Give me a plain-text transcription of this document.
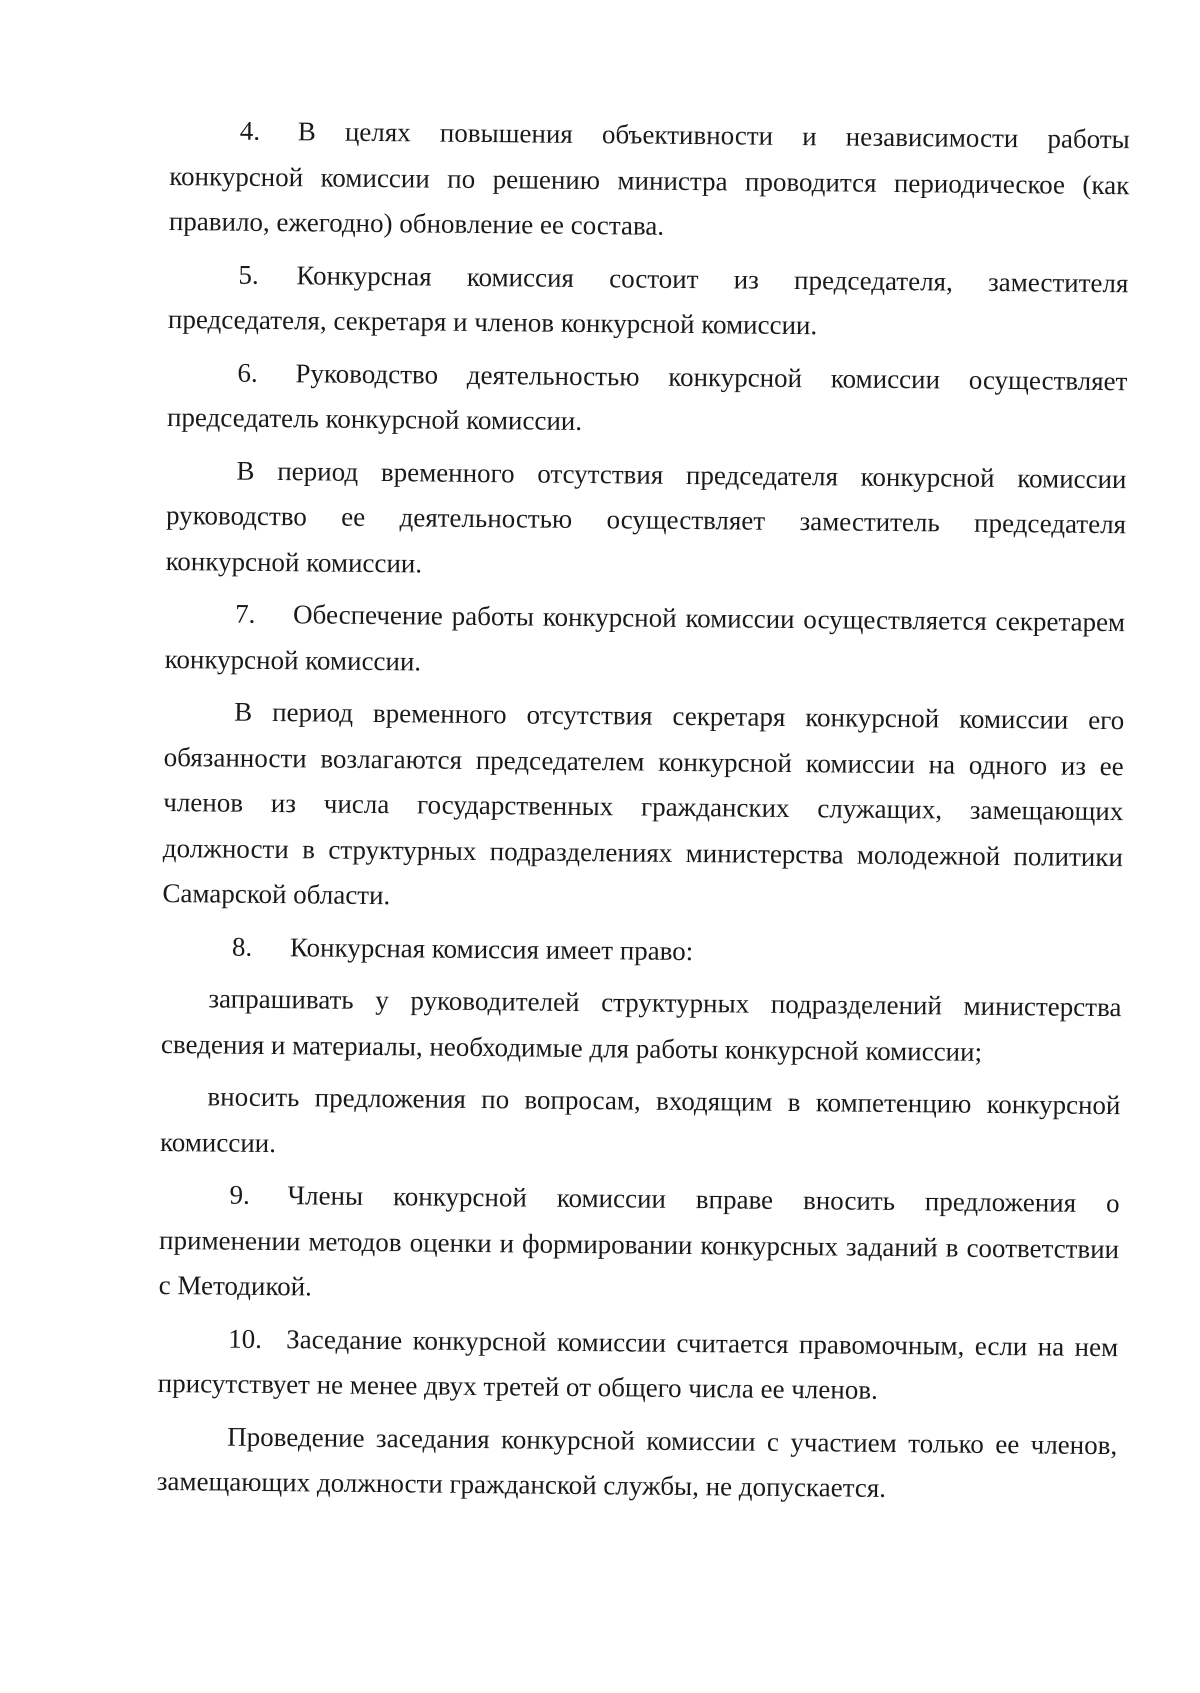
4. В целях повышения объективности и независимости работы конкурсной комиссии по решению министра проводится периодическое (как правило, ежегодно) обновление ее состава.

5. Конкурсная комиссия состоит из председателя, заместителя председателя, секретаря и членов конкурсной комиссии.

6. Руководство деятельностью конкурсной комиссии осуществляет председатель конкурсной комиссии.

В период временного отсутствия председателя конкурсной комиссии руководство ее деятельностью осуществляет заместитель председателя конкурсной комиссии.

7. Обеспечение работы конкурсной комиссии осуществляется секретарем конкурсной комиссии.

В период временного отсутствия секретаря конкурсной комиссии его обязанности возлагаются председателем конкурсной комиссии на одного из ее членов из числа государственных гражданских служащих, замещающих должности в структурных подразделениях министерства молодежной политики Самарской области.

8. Конкурсная комиссия имеет право:

запрашивать у руководителей структурных подразделений министерства сведения и материалы, необходимые для работы конкурсной комиссии;

вносить предложения по вопросам, входящим в компетенцию конкурсной комиссии.

9. Члены конкурсной комиссии вправе вносить предложения о применении методов оценки и формировании конкурсных заданий в соответствии с Методикой.

10. Заседание конкурсной комиссии считается правомочным, если на нем присутствует не менее двух третей от общего числа ее членов.

Проведение заседания конкурсной комиссии с участием только ее членов, замещающих должности гражданской службы, не допускается.
